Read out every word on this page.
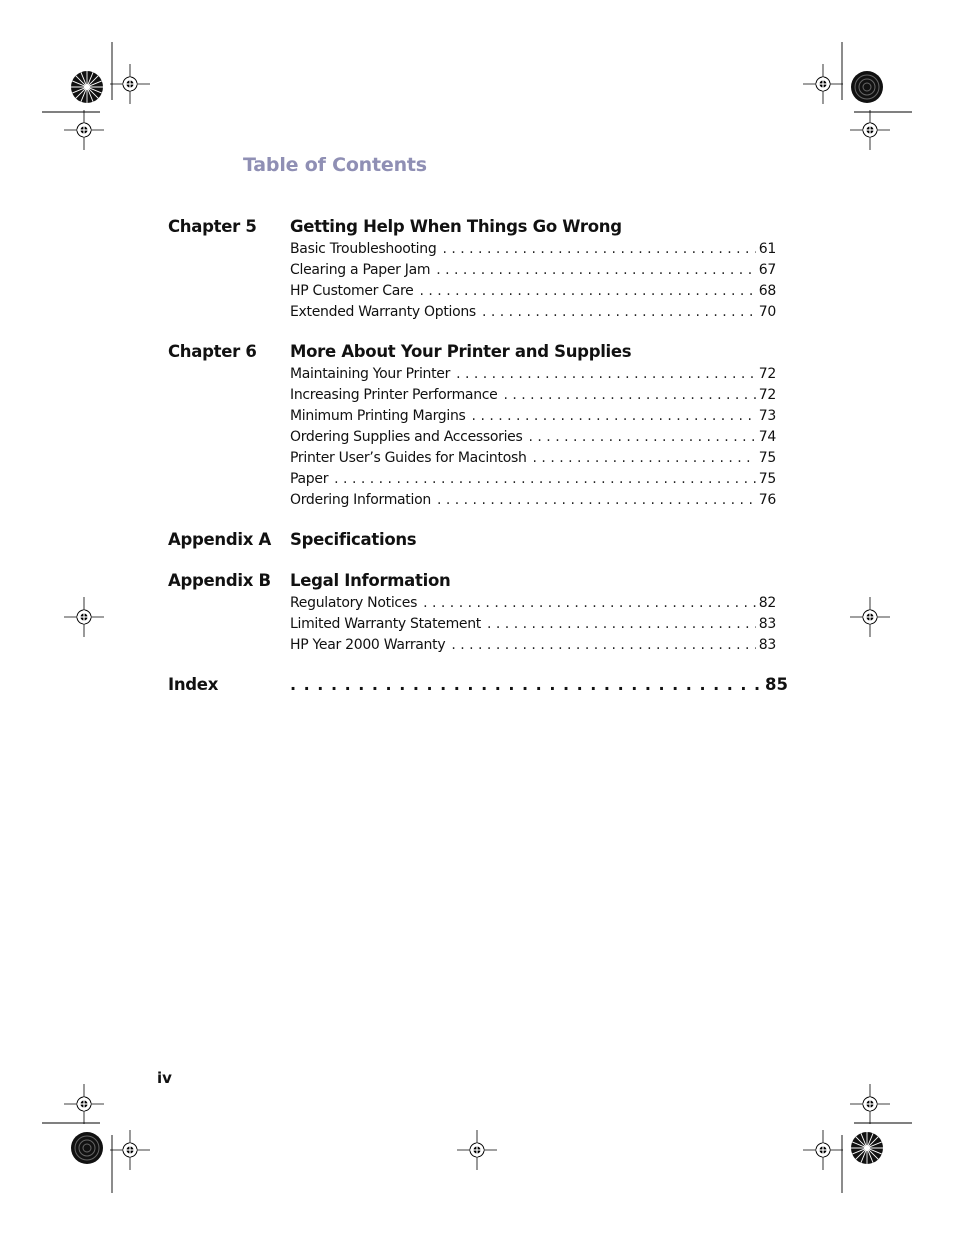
Table of Contents
Chapter 5	Getting Help When Things Go Wrong
Basic Troubleshooting . . .	61
Clearing a Paper Jam . . .	67
HP Customer Care . . .	68
Extended Warranty Options . . .	70
Chapter 6	More About Your Printer and Supplies
Maintaining Your Printer . . .	72
Increasing Printer Performance . . .	72
Minimum Printing Margins . . .	73
Ordering Supplies and Accessories . . .	74
Printer User’s Guides for Macintosh . . .	75
Paper . . .	75
Ordering Information . . .	76
Appendix A	Specifications
Appendix B	Legal Information
Regulatory Notices . . .	82
Limited Warranty Statement . . .	83
HP Year 2000 Warranty . . .	83
Index . . .	85
iv
